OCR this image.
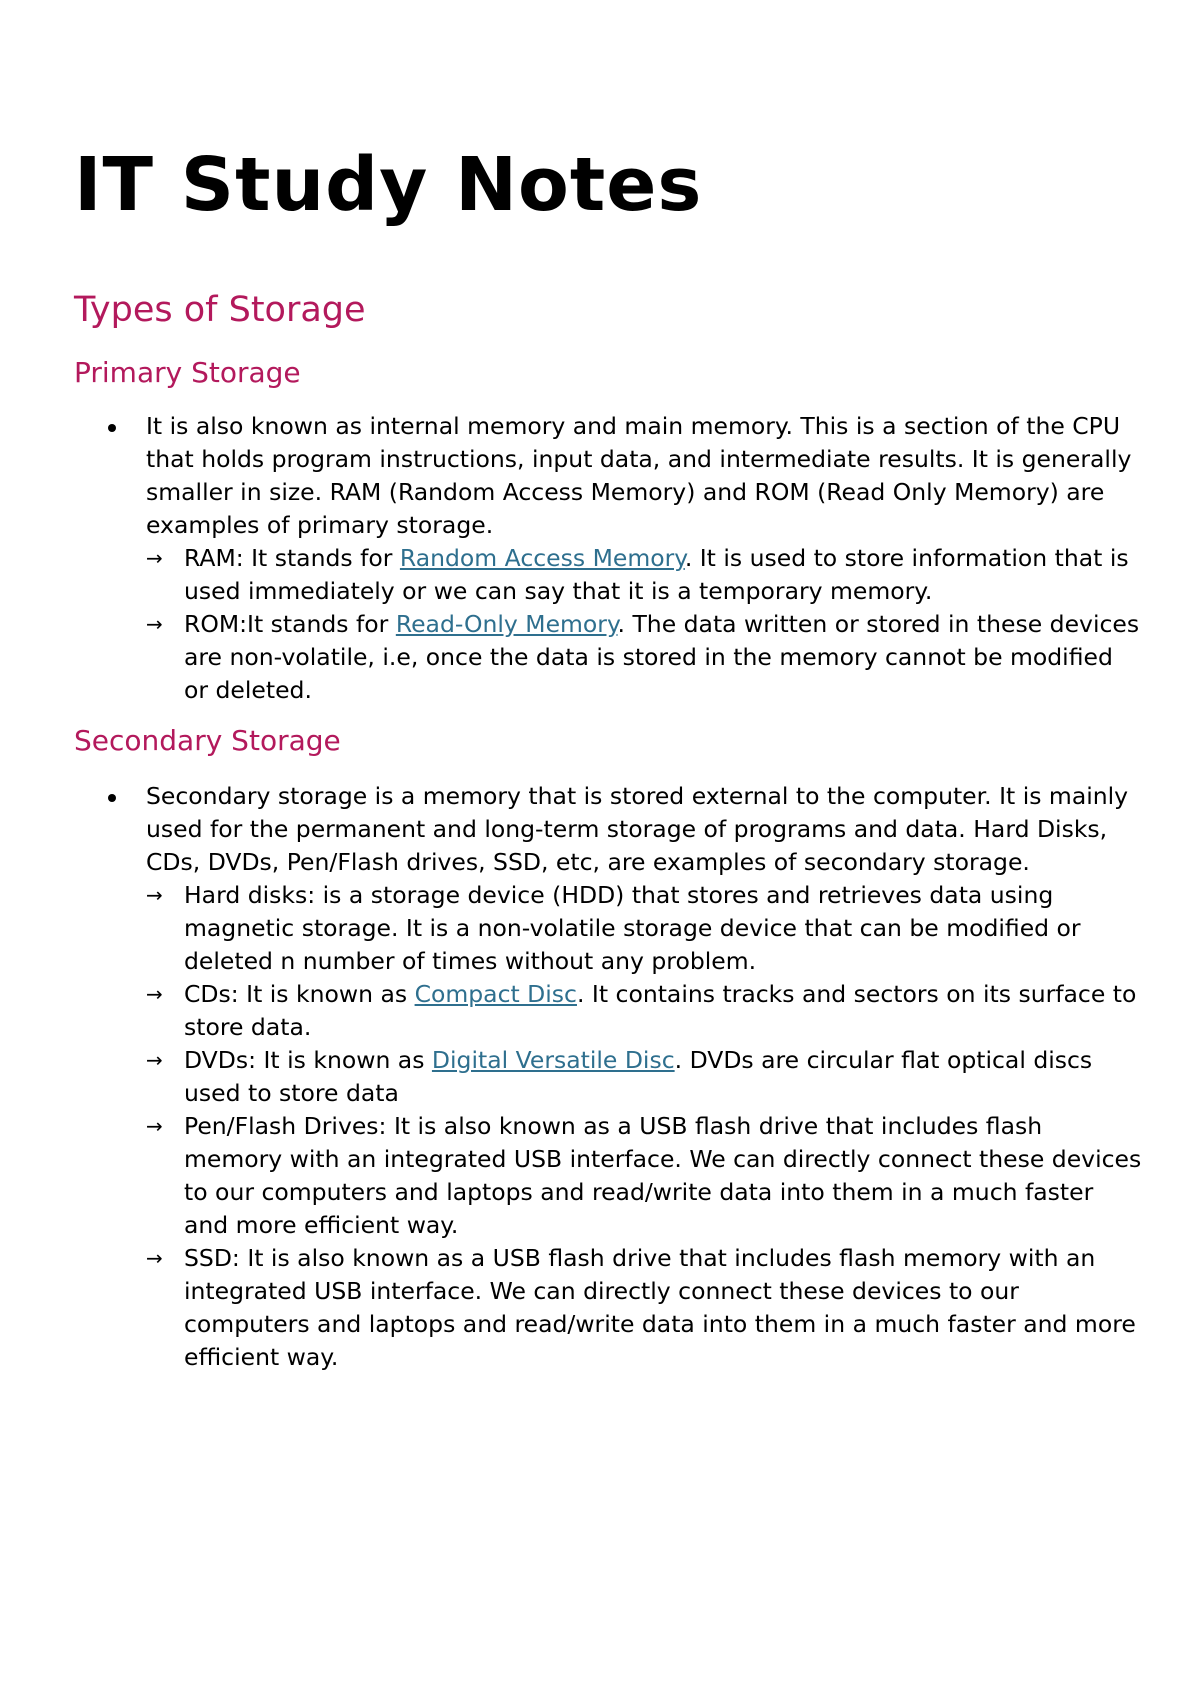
IT Study Notes
Types of Storage
Primary Storage
It is also known as internal memory and main memory. This is a section of the CPU that holds program instructions, input data, and intermediate results. It is generally smaller in size. RAM (Random Access Memory) and ROM (Read Only Memory) are examples of primary storage.
→ RAM: It stands for Random Access Memory. It is used to store information that is used immediately or we can say that it is a temporary memory.
→ ROM:It stands for Read-Only Memory. The data written or stored in these devices are non-volatile, i.e, once the data is stored in the memory cannot be modified or deleted.
Secondary Storage
Secondary storage is a memory that is stored external to the computer. It is mainly used for the permanent and long-term storage of programs and data. Hard Disks, CDs, DVDs, Pen/Flash drives, SSD, etc, are examples of secondary storage.
→ Hard disks: is a storage device (HDD) that stores and retrieves data using magnetic storage. It is a non-volatile storage device that can be modified or deleted n number of times without any problem.
→ CDs: It is known as Compact Disc. It contains tracks and sectors on its surface to store data.
→ DVDs: It is known as Digital Versatile Disc. DVDs are circular flat optical discs used to store data
→ Pen/Flash Drives: It is also known as a USB flash drive that includes flash memory with an integrated USB interface. We can directly connect these devices to our computers and laptops and read/write data into them in a much faster and more efficient way.
→ SSD: It is also known as a USB flash drive that includes flash memory with an integrated USB interface. We can directly connect these devices to our computers and laptops and read/write data into them in a much faster and more efficient way.
